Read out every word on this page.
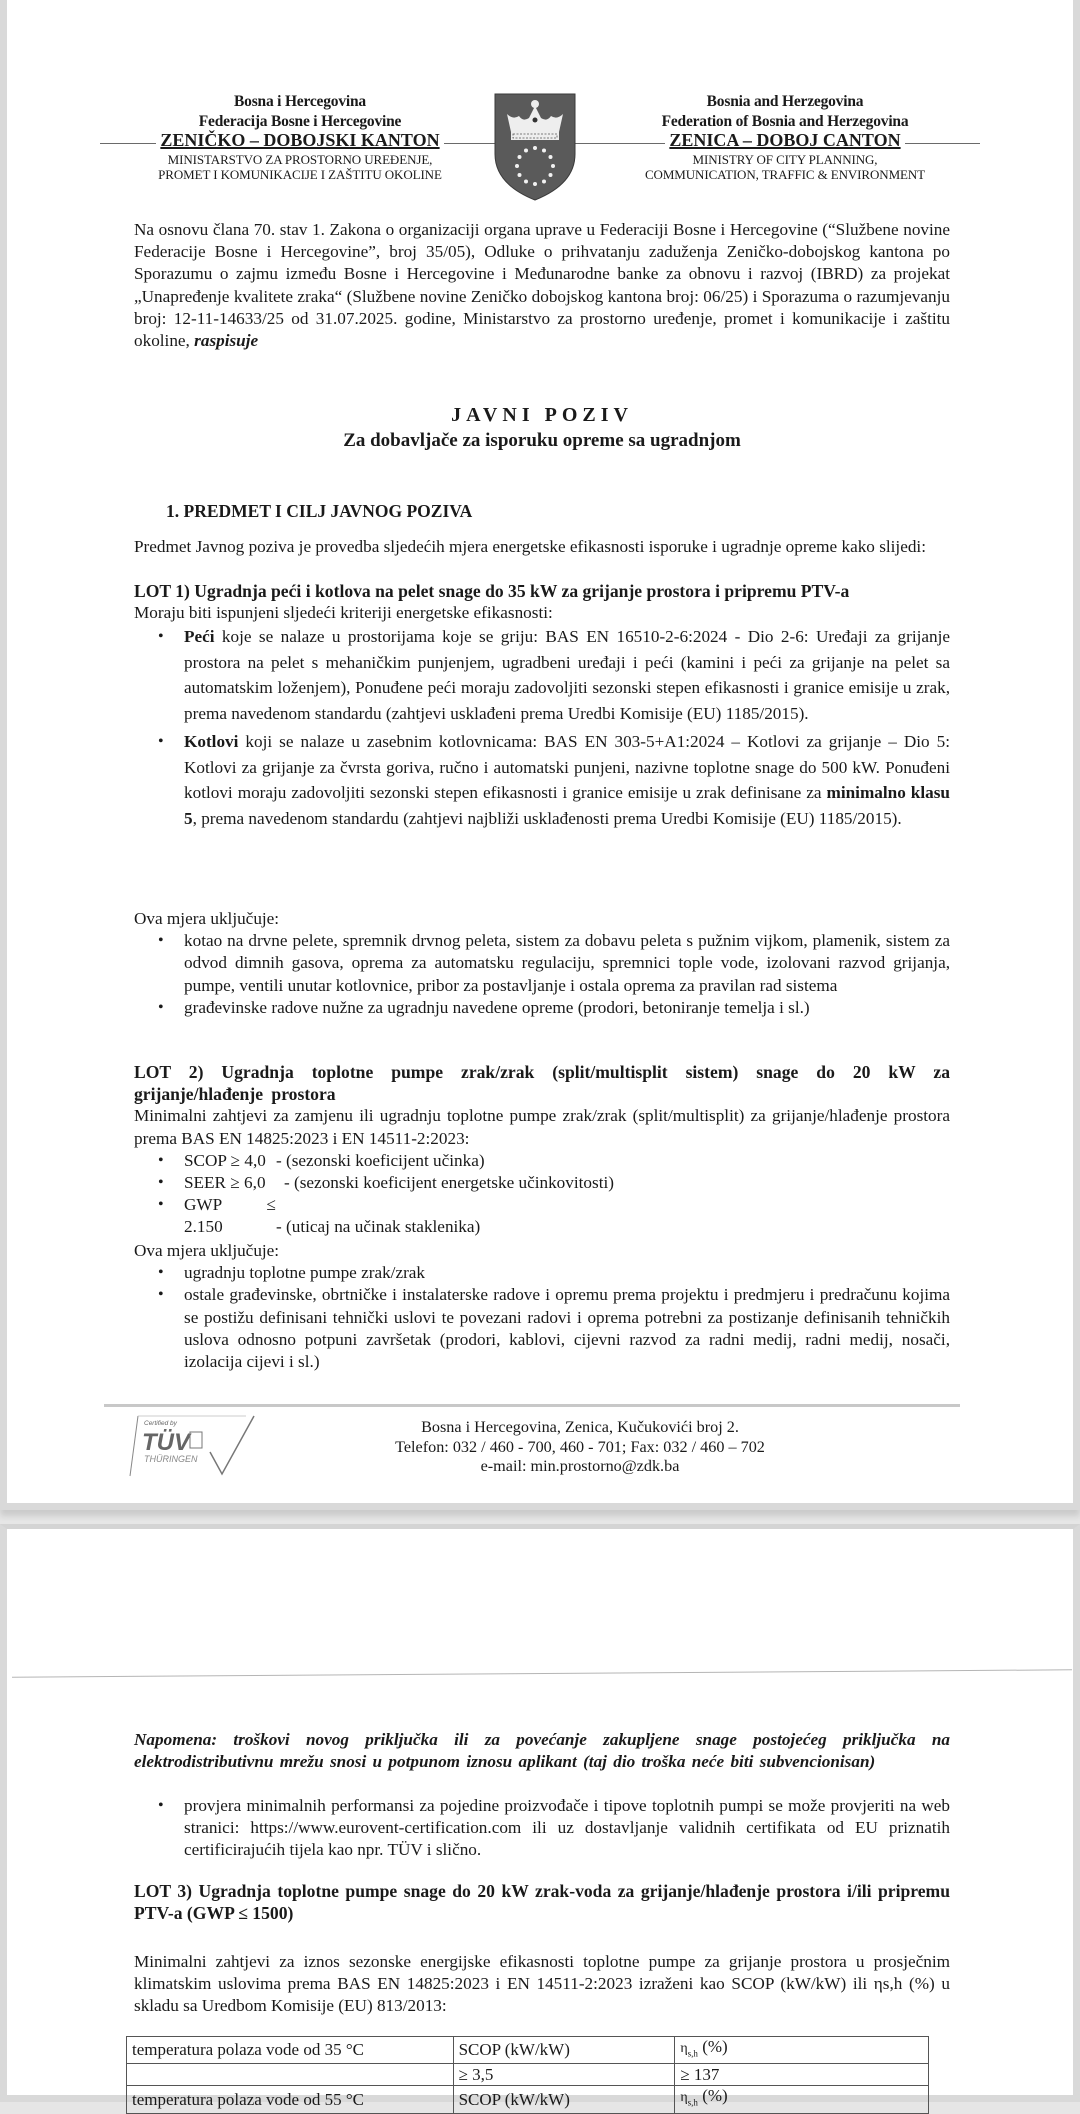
Bosna i Hercegovina
Federacija Bosne i Hercegovine
ZENIČKO – DOBOJSKI KANTON
MINISTARSTVO ZA PROSTORNO UREĐENJE,
PROMET I KOMUNIKACIJE I ZAŠTITU OKOLINE
Bosnia and Herzegovina
Federation of Bosnia and Herzegovina
ZENICA – DOBOJ CANTON
MINISTRY OF CITY PLANNING,
COMMUNICATION, TRAFFIC & ENVIRONMENT
Na osnovu člana 70. stav 1. Zakona o organizaciji organa uprave u Federaciji Bosne i Hercegovine (“Službene novine Federacije Bosne i Hercegovine”, broj 35/05), Odluke o prihvatanju zaduženja Zeničko-dobojskog kantona po Sporazumu o zajmu između Bosne i Hercegovine i Međunarodne banke za obnovu i razvoj (IBRD) za projekat „Unapređenje kvalitete zraka“ (Službene novine Zeničko dobojskog kantona broj: 06/25) i Sporazuma o razumjevanju broj: 12-11-14633/25 od 31.07.2025. godine, Ministarstvo za prostorno uređenje, promet i komunikacije i zaštitu okoline, raspisuje
JAVNI POZIV
Za dobavljače za isporuku opreme sa ugradnjom
1. PREDMET I CILJ JAVNOG POZIVA
Predmet Javnog poziva je provedba sljedećih mjera energetske efikasnosti isporuke i ugradnje opreme kako slijedi:
LOT 1) Ugradnja peći i kotlova na pelet snage do 35 kW za grijanje prostora i pripremu PTV-a
Moraju biti ispunjeni sljedeći kriteriji energetske efikasnosti:
• Peći koje se nalaze u prostorijama koje se griju: BAS EN 16510-2-6:2024 - Dio 2-6: Uređaji za grijanje prostora na pelet s mehaničkim punjenjem, ugradbeni uređaji i peći (kamini i peći za grijanje na pelet sa automatskim loženjem), Ponuđene peći moraju zadovoljiti sezonski stepen efikasnosti i granice emisije u zrak, prema navedenom standardu (zahtjevi usklađeni prema Uredbi Komisije (EU) 1185/2015).
• Kotlovi koji se nalaze u zasebnim kotlovnicama: BAS EN 303-5+A1:2024 – Kotlovi za grijanje – Dio 5: Kotlovi za grijanje za čvrsta goriva, ručno i automatski punjeni, nazivne toplotne snage do 500 kW. Ponuđeni kotlovi moraju zadovoljiti sezonski stepen efikasnosti i granice emisije u zrak definisane za minimalno klasu 5, prema navedenom standardu (zahtjevi najbliži usklađenosti prema Uredbi Komisije (EU) 1185/2015).
Ova mjera uključuje:
• kotao na drvne pelete, spremnik drvnog peleta, sistem za dobavu peleta s pužnim vijkom, plamenik, sistem za odvod dimnih gasova, oprema za automatsku regulaciju, spremnici tople vode, izolovani razvod grijanja, pumpe, ventili unutar kotlovnice, pribor za postavljanje i ostala oprema za pravilan rad sistema
• građevinske radove nužne za ugradnju navedene opreme (prodori, betoniranje temelja i sl.)
LOT 2) Ugradnja toplotne pumpe zrak/zrak (split/multisplit sistem) snage do 20 kW za grijanje/hlađenje prostora
Minimalni zahtjevi za zamjenu ili ugradnju toplotne pumpe zrak/zrak (split/multisplit) za grijanje/hlađenje prostora prema BAS EN 14825:2023 i EN 14511-2:2023:
• SCOP ≥ 4,0 - (sezonski koeficijent učinka)
• SEER ≥ 6,0 - (sezonski koeficijent energetske učinkovitosti)
• GWP ≤ 2.150	- (uticaj na učinak staklenika)
Ova mjera uključuje:
• ugradnju toplotne pumpe zrak/zrak
• ostale građevinske, obrtničke i instalaterske radove i opremu prema projektu i predmjeru i predračunu kojima se postižu definisani tehnički uslovi te povezani radovi i oprema potrebni za postizanje definisanih tehničkih uslova odnosno potpuni završetak (prodori, kablovi, cijevni razvod za radni medij, radni medij, nosači, izolacija cijevi i sl.)
Certified by
TÜV
THÜRINGEN
Bosna i Hercegovina, Zenica, Kučukovići broj 2.
Telefon: 032 / 460 - 700, 460 - 701; Fax: 032 / 460 – 702
e-mail: min.prostorno@zdk.ba
Napomena: troškovi novog priključka ili za povećanje zakupljene snage postojećeg priključka na elektrodistributivnu mrežu snosi u potpunom iznosu aplikant (taj dio troška neće biti subvencionisan)
• provjera minimalnih performansi za pojedine proizvođače i tipove toplotnih pumpi se može provjeriti na web stranici: https://www.eurovent-certification.com ili uz dostavljanje validnih certifikata od EU priznatih certificirajućih tijela kao npr. TÜV i slično.
LOT 3) Ugradnja toplotne pumpe snage do 20 kW zrak-voda za grijanje/hlađenje prostora i/ili pripremu PTV-a (GWP ≤ 1500)
Minimalni zahtjevi za iznos sezonske energijske efikasnosti toplotne pumpe za grijanje prostora u prosječnim klimatskim uslovima prema BAS EN 14825:2023 i EN 14511-2:2023 izraženi kao SCOP (kW/kW) ili ηs,h (%) u skladu sa Uredbom Komisije (EU) 813/2013:
temperatura polaza vode od 35 °C	SCOP (kW/kW)	$\eta_{s,h}$ (%)
	≥ 3,5	≥ 137
temperatura polaza vode od 55 °C	SCOP (kW/kW)	$\eta_{s,h}$ (%)
